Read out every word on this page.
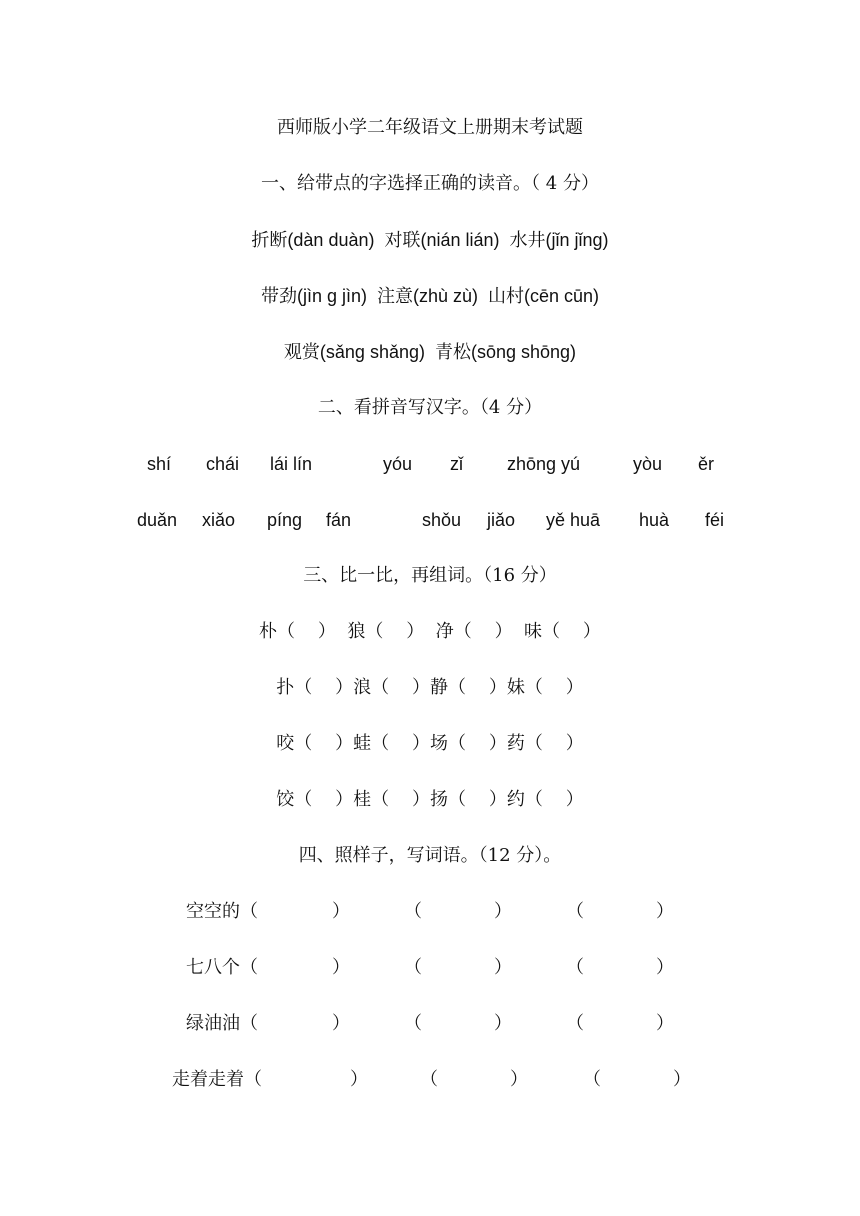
西师版小学二年级语文上册期末考试题
一、给带点的字选择正确的读音。（ 4 分）
折断(dàn duàn)  对联(nián lián)  水井(jǐn jǐnɡ)
带劲(jìn g jìn)  注意(zhù zù)  山村(cēn cūn)
观赏(sǎng shǎnɡ)  青松(sōng shōnɡ)
二、看拼音写汉字。（4 分）
shí chái lái lín	yóu zǐ zhōng yú	yòu ěr
duǎn xiǎo píng fán	shǒu jiǎo yě huā huà féi
三、比一比，再组词。（16 分）
朴（    ）  狼（    ）  净（    ）  味（    ）
扑（    ）浪（    ）静（    ）妹（    ）
咬（    ）蛙（    ）场（    ）药（    ）
饺（    ）桂（    ）扬（    ）约（    ）
四、照样子，写词语。（12 分）。
空空的（	）	（	）	（	）
七八个（	）	（	）	（	）
绿油油（	）	（	）	（	）
走着走着（	）	（	）	（	）
